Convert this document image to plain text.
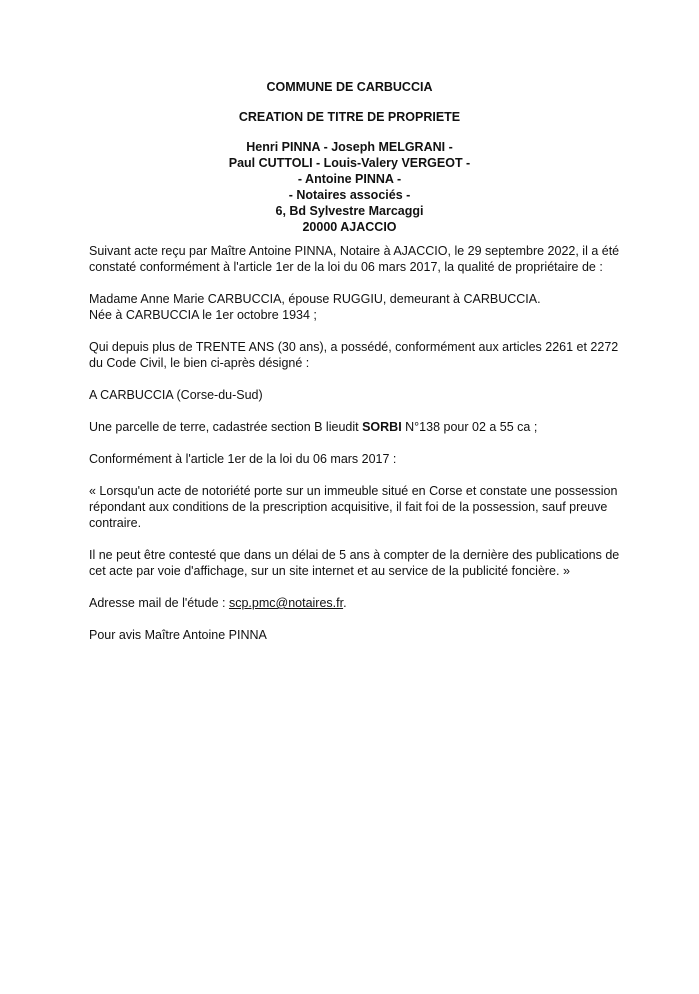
COMMUNE DE CARBUCCIA

CREATION DE TITRE DE PROPRIETE

Henri PINNA - Joseph MELGRANI -

Paul CUTTOLI - Louis-Valery VERGEOT -

- Antoine PINNA -

- Notaires associés -

6, Bd Sylvestre Marcaggi

20000 AJACCIO

Suivant acte reçu par Maître Antoine PINNA, Notaire à AJACCIO, le 29 septembre 2022, il a été constaté conformément à l'article 1er de la loi du 06 mars 2017, la qualité de propriétaire de :

Madame Anne Marie CARBUCCIA, épouse RUGGIU, demeurant à CARBUCCIA.

Née à CARBUCCIA le 1er octobre 1934 ;

Qui depuis plus de TRENTE ANS (30 ans), a possédé, conformément aux articles 2261 et 2272 du Code Civil, le bien ci-après désigné :

A CARBUCCIA (Corse-du-Sud)

Une parcelle de terre, cadastrée section B lieudit SORBI N°138 pour 02 a 55 ca ;

Conformément à l'article 1er de la loi du 06 mars 2017 :

« Lorsqu'un acte de notoriété porte sur un immeuble situé en Corse et constate une possession répondant aux conditions de la prescription acquisitive, il fait foi de la possession, sauf preuve contraire.

Il ne peut être contesté que dans un délai de 5 ans à compter de la dernière des publications de cet acte par voie d'affichage, sur un site internet et au service de la publicité foncière. »

Adresse mail de l'étude : scp.pmc@notaires.fr.

Pour avis Maître Antoine PINNA
